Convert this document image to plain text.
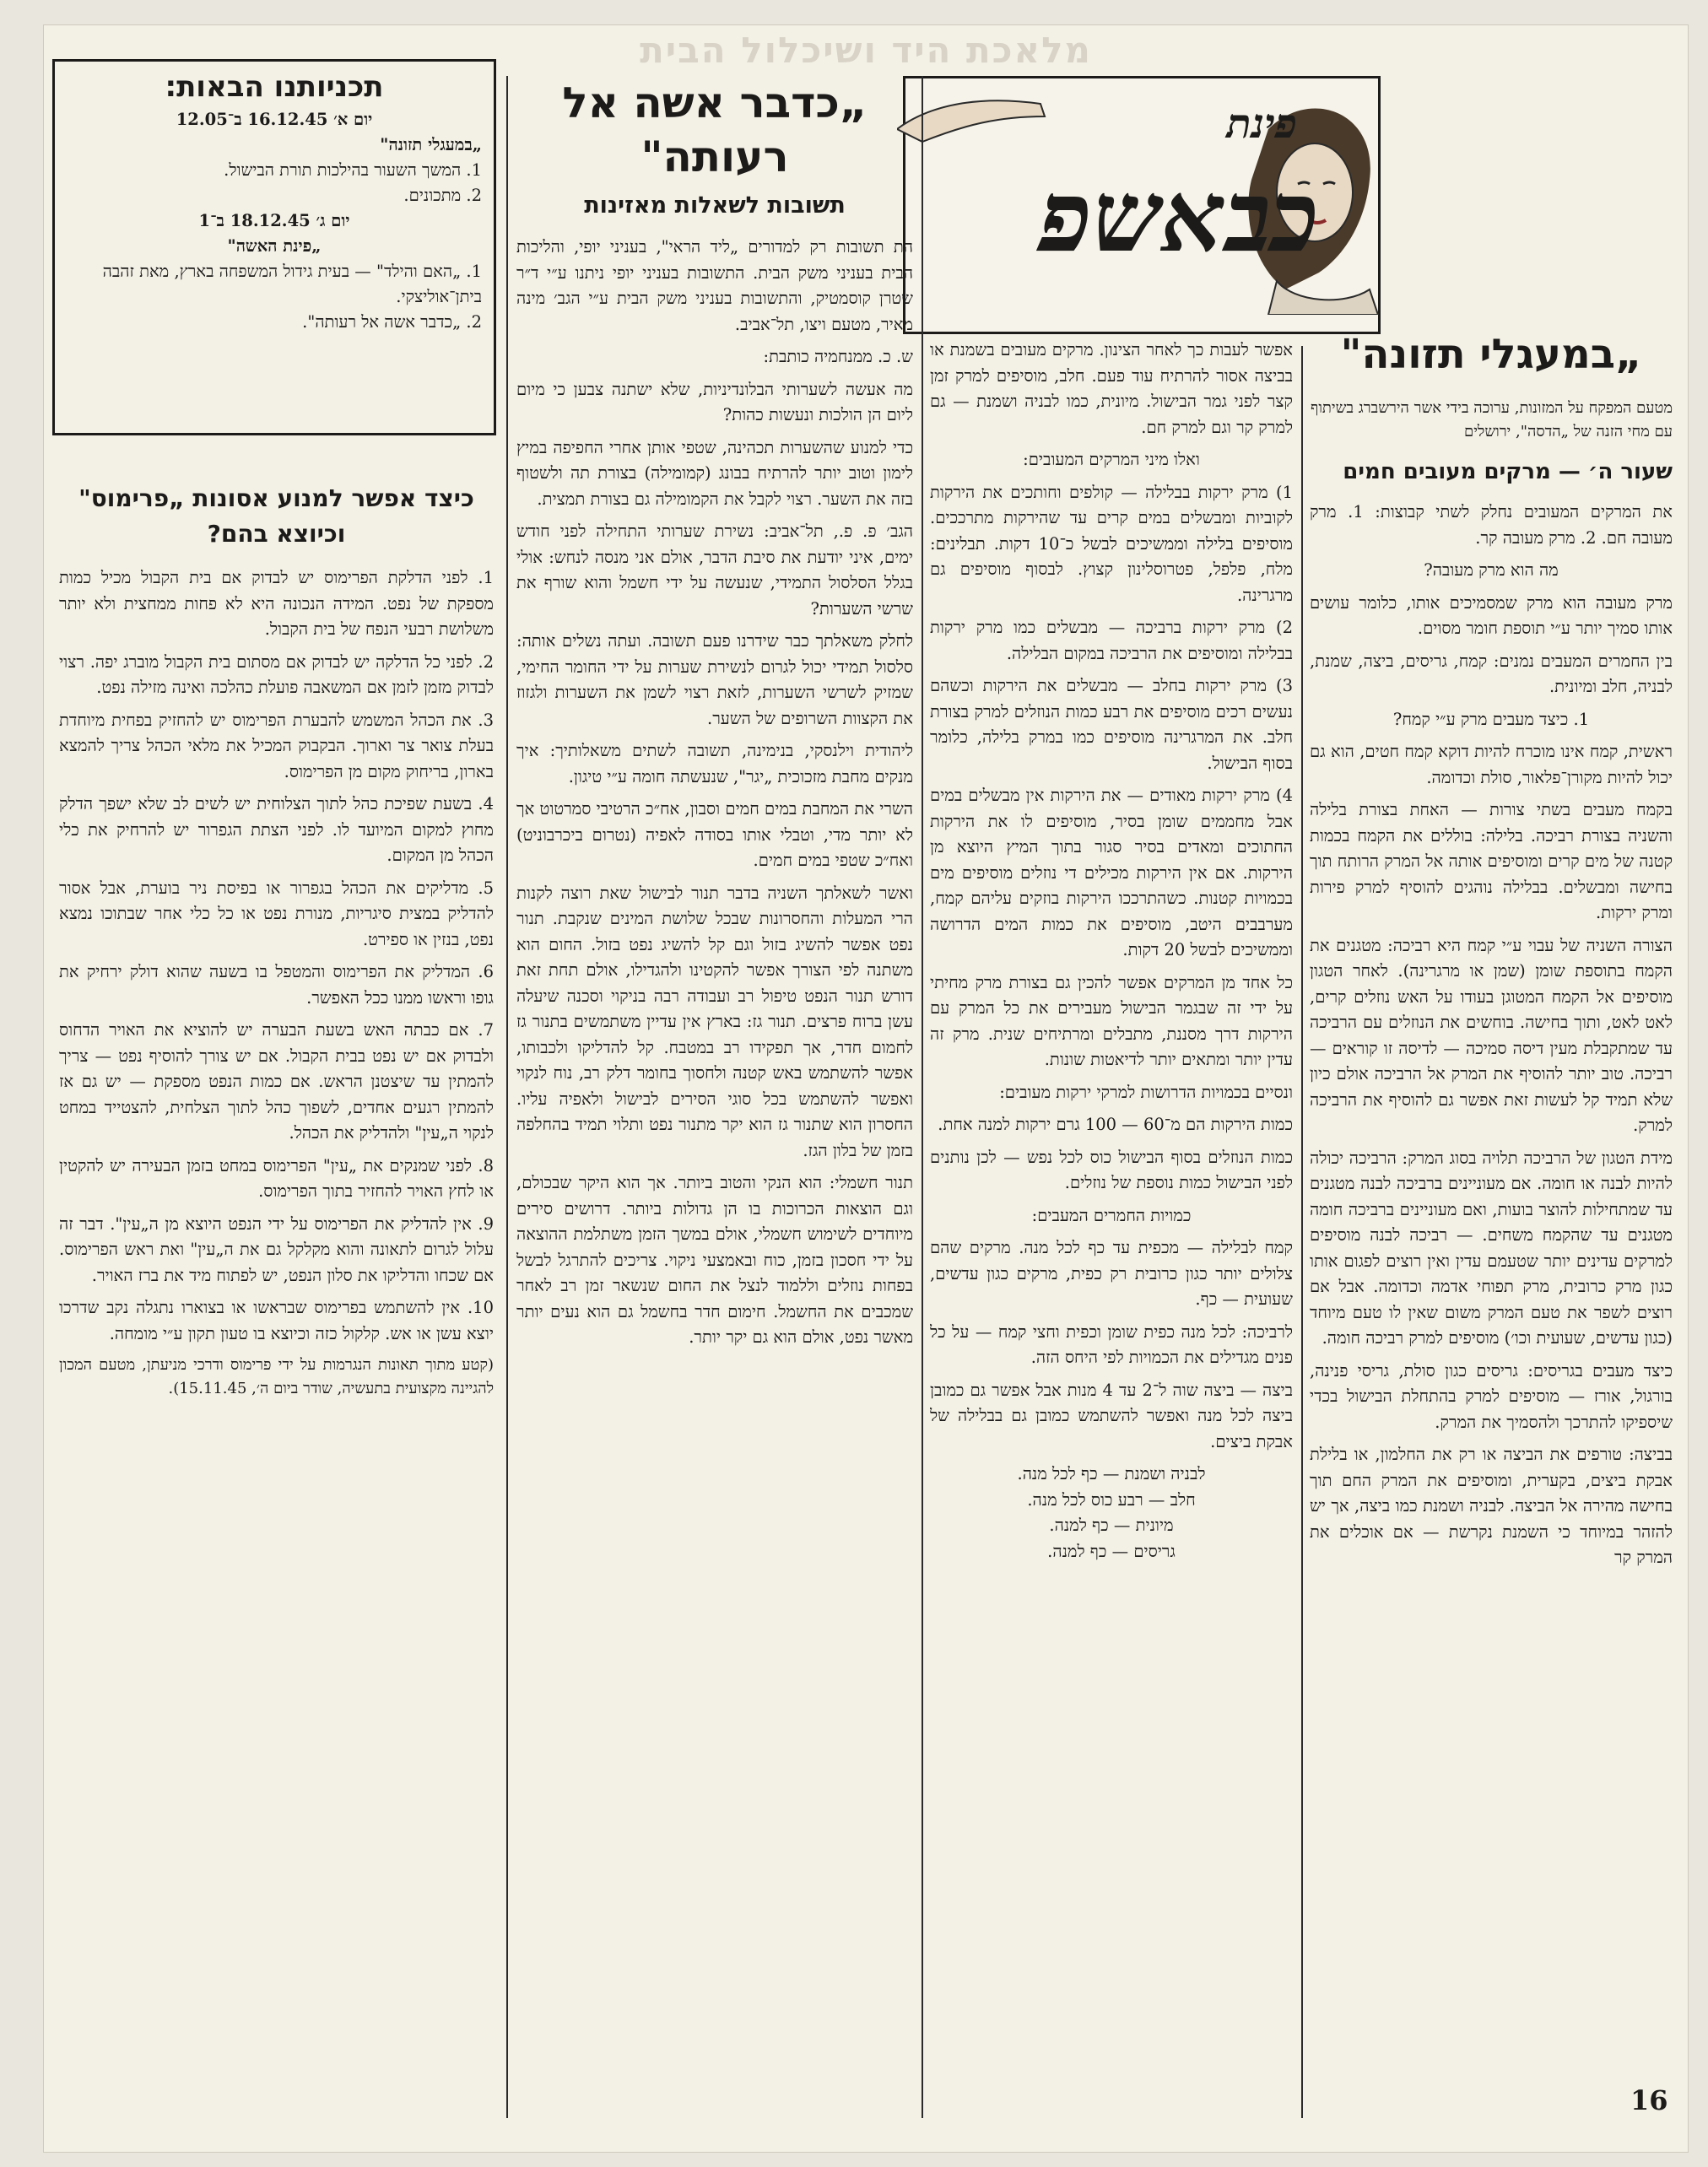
מלאכת היד ושיכלול הבית
פינת
כבאשפ
„במעגלי תזונה"

מטעם המפקח על המזונות, ערוכה בידי אשר הירשברג בשיתוף עם מחי הזנה של „הדסה", ירושלים

שעור ה׳ — מרקים מעובים חמים

את המרקים המעובים נחלק לשתי קבוצות: 1. מרק מעובה חם. 2. מרק מעובה קר.

מה הוא מרק מעובה?

מרק מעובה הוא מרק שמסמיכים אותו, כלומר עושים אותו סמיך יותר ע״י תוספת חומר מסוים.

בין החמרים המעבים נמנים: קמח, גריסים, ביצה, שמנת, לבניה, חלב ומיונית.

1. כיצד מעבים מרק ע״י קמח?

ראשית, קמח אינו מוכרח להיות דוקא קמח חטים, הוא גם יכול להיות מקורן־פלאור, סולת וכדומה.

בקמח מעבים בשתי צורות — האחת בצורת בלילה והשניה בצורת רביכה. בלילה: בוללים את הקמח בכמות קטנה של מים קרים ומוסיפים אותה אל המרק הרותח תוך בחישה ומבשלים. בבלילה נוהגים להוסיף למרק פירות ומרק ירקות.

הצורה השניה של עבוי ע״י קמח היא רביכה: מטגנים את הקמח בתוספת שומן (שמן או מרגרינה). לאחר הטגון מוסיפים אל הקמח המטוגן בעודו על האש נוזלים קרים, לאט לאט, ותוך בחישה. בוחשים את הנוזלים עם הרביכה עד שמתקבלת מעין דיסה סמיכה — לדיסה זו קוראים — רביכה. טוב יותר להוסיף את המרק אל הרביכה אולם כיון שלא תמיד קל לעשות זאת אפשר גם להוסיף את הרביכה למרק.

מידת הטגון של הרביכה תלויה בסוג המרק: הרביכה יכולה להיות לבנה או חומה. אם מעוניינים ברביכה לבנה מטגנים עד שמתחילות להוצר בועות, ואם מעוניינים ברביכה חומה מטגנים עד שהקמח משחים. — רביכה לבנה מוסיפים למרקים עדינים יותר שטעמם עדין ואין רוצים לפגום אותו כגון מרק כרובית, מרק תפוחי אדמה וכדומה. אבל אם רוצים לשפר את טעם המרק משום שאין לו טעם מיוחד (כגון עדשים, שעועית וכו׳) מוסיפים למרק רביכה חומה.

כיצד מעבים בגריסים: גריסים כגון סולת, גריסי פנינה, בורגול, אורז — מוסיפים למרק בהתחלת הבישול בכדי שיספיקו להתרכך ולהסמיך את המרק.

בביצה: טורפים את הביצה או רק את החלמון, או בלילת אבקת ביצים, בקערית, ומוסיפים את המרק החם תוך בחישה מהירה אל הביצה. לבניה ושמנת כמו ביצה, אך יש להזהר במיוחד כי השמנת נקרשת — אם אוכלים את המרק קר

16

אפשר לעבות כך לאחר הצינון. מרקים מעובים בשמנת או בביצה אסור להרתיח עוד פעם. חלב, מוסיפים למרק זמן קצר לפני גמר הבישול. מיונית, כמו לבניה ושמנת — גם למרק קר וגם למרק חם.

ואלו מיני המרקים המעובים:

1) מרק ירקות בבלילה — קולפים וחותכים את הירקות לקוביות ומבשלים במים קרים עד שהירקות מתרככים. מוסיפים בלילה וממשיכים לבשל כ־10 דקות. תבלינים: מלח, פלפל, פטרוסלינון קצוץ. לבסוף מוסיפים גם מרגרינה.

2) מרק ירקות ברביכה — מבשלים כמו מרק ירקות בבלילה ומוסיפים את הרביכה במקום הבלילה.

3) מרק ירקות בחלב — מבשלים את הירקות וכשהם נעשים רכים מוסיפים את רבע כמות הנוזלים למרק בצורת חלב. את המרגרינה מוסיפים כמו במרק בלילה, כלומר בסוף הבישול.

4) מרק ירקות מאודים — את הירקות אין מבשלים במים אבל מחממים שומן בסיר, מוסיפים לו את הירקות החתוכים ומאדים בסיר סגור בתוך המיץ היוצא מן הירקות. אם אין הירקות מכילים די נוזלים מוסיפים מים בכמויות קטנות. כשהתרככו הירקות בוזקים עליהם קמח, מערבבים היטב, מוסיפים את כמות המים הדרושה וממשיכים לבשל 20 דקות.

כל אחד מן המרקים אפשר להכין גם בצורת מרק מחיתי על ידי זה שבגמר הבישול מעבירים את כל המרק עם הירקות דרך מסננת, מתבלים ומרתיחים שנית. מרק זה עדין יותר ומתאים יותר לדיאטות שונות.

ונסיים בכמויות הדרושות למרקי ירקות מעובים:

כמות הירקות הם מ־60 — 100 גרם ירקות למנה אחת.

כמות הנוזלים בסוף הבישול כוס לכל נפש — לכן נותנים לפני הבישול כמות נוספת של נוזלים.

כמויות החמרים המעבים:

קמח לבלילה — מכפית עד כף לכל מנה. מרקים שהם צלולים יותר כגון כרובית רק כפית, מרקים כגון עדשים, שעועית — כף.

לרביכה: לכל מנה כפית שומן וכפית וחצי קמח — על כל פנים מגדילים את הכמויות לפי היחס הזה.

ביצה — ביצה שוה ל־2 עד 4 מנות אבל אפשר גם כמובן ביצה לכל מנה ואפשר להשתמש כמובן גם בבלילה של אבקת ביצים.

לבניה ושמנת — כף לכל מנה.

חלב — רבע כוס לכל מנה.

מיונית — כף למנה.

גריסים — כף למנה.

„כדבר אשה אל רעותה"
תשובות לשאלות מאזינות

הת תשובות רק למדורים „ליד הראי", בעניני יופי, והליכות הבית בעניני משק הבית. התשובות בעניני יופי ניתנו ע״י ד״ר שטרן קוסמטיק, והתשובות בעניני משק הבית ע״י הגב׳ מינה מאיר, מטעם ויצו, תל־אביב.

ש. כ. ממנחמיה כותבת:

מה אעשה לשערותי הבלונדיניות, שלא ישתנה צבען כי מיום ליום הן הולכות ונעשות כהות?

כדי למנוע שהשערות תכהינה, שטפי אותן אחרי החפיפה במיץ לימון וטוב יותר להרתיח בבונג (קמומילה) בצורת תה ולשטוף בזה את השער. רצוי לקבל את הקמומילה גם בצורת תמצית.

הגב׳ פ. פ., תל־אביב: נשירת שערותי התחילה לפני חודש ימים, איני יודעת את סיבת הדבר, אולם אני מנסה לנחש: אולי בגלל הסלסול התמידי, שנעשה על ידי חשמל והוא שורף את שרשי השערות?

לחלק משאלתך כבר שידרנו פעם תשובה. ועתה נשלים אותה: סלסול תמידי יכול לגרום לנשירת שערות על ידי החומר החימי, שמזיק לשרשי השערות, לזאת רצוי לשמן את השערות ולגזוז את הקצוות השרופים של השער.

ליהודית וילנסקי, בנימינה, תשובה לשתים משאלותיך: איך מנקים מחבת מזכוכית „יגר", שנעשתה חומה ע״י טיגון.

השרי את המחבת במים חמים וסבון, אח״כ הרטיבי סמרטוט אך לא יותר מדי, וטבלי אותו בסודה לאפיה (נטרום ביכרבוניט) ואח״כ שטפי במים חמים.

ואשר לשאלתך השניה בדבר תנור לבישול שאת רוצה לקנות הרי המעלות והחסרונות שבכל שלושת המינים שנקבת. תנור נפט אפשר להשיג בזול וגם קל להשיג נפט בזול. החום הוא משתנה לפי הצורך אפשר להקטינו ולהגדילו, אולם תחת זאת דורש תנור הנפט טיפול רב ועבודה רבה בניקוי וסכנה שיעלה עשן ברוח פרצים. תנור גז: בארץ אין עדיין משתמשים בתנור גז לחמום חדר, אך תפקידו רב במטבח. קל להדליקו ולכבותו, אפשר להשתמש באש קטנה ולחסוך בחומר דלק רב, נוח לנקוי ואפשר להשתמש בכל סוגי הסירים לבישול ולאפיה עליו. החסרון הוא שתנור גז הוא יקר מתנור נפט ותלוי תמיד בהחלפה בזמן של בלון הגז.

תנור חשמלי: הוא הנקי והטוב ביותר. אך הוא היקר שבכולם, וגם הוצאות הכרוכות בו הן גדולות ביותר. דרושים סירים מיוחדים לשימוש חשמלי, אולם במשך הזמן משתלמת ההוצאה על ידי חסכון בזמן, כוח ובאמצעי ניקוי. צריכים להתרגל לבשל בפחות נוזלים וללמוד לנצל את החום שנשאר זמן רב לאחר שמכבים את החשמל. חימום חדר בחשמל גם הוא נעים יותר מאשר נפט, אולם הוא גם יקר יותר.

תכניותנו הבאות:
יום א׳ 16.12.45 ב־12.05
„במעגלי תזונה"
1. המשך השעור בהילכות תורת הבישול.
2. מתכונים.
יום ג׳ 18.12.45 ב־1
„פינת האשה"
1. „האם והילד" — בעית גידול המשפחה בארץ, מאת זהבה ביתן־אוליצקי.
2. „כדבר אשה אל רעותה".
כיצד אפשר למנוע אסונות „פרימוס" וכיוצא בהם?

1. לפני הדלקת הפרימוס יש לבדוק אם בית הקבול מכיל כמות מספקת של נפט. המידה הנכונה היא לא פחות ממחצית ולא יותר משלושת רבעי הנפח של בית הקבול.

2. לפני כל הדלקה יש לבדוק אם מסתום בית הקבול מוברג יפה. רצוי לבדוק מזמן לזמן אם המשאבה פועלת כהלכה ואינה מזילה נפט.

3. את הכהל המשמש להבערת הפרימוס יש להחזיק בפחית מיוחדת בעלת צואר צר וארוך. הבקבוק המכיל את מלאי הכהל צריך להמצא בארון, בריחוק מקום מן הפרימוס.

4. בשעת שפיכת כהל לתוך הצלוחית יש לשים לב שלא ישפך הדלק מחוץ למקום המיועד לו. לפני הצתת הגפרור יש להרחיק את כלי הכהל מן המקום.

5. מדליקים את הכהל בגפרור או בפיסת ניר בוערת, אבל אסור להדליק במצית סיגריות, מנורת נפט או כל כלי אחר שבתוכו נמצא נפט, בנזין או ספירט.

6. המדליק את הפרימוס והמטפל בו בשעה שהוא דולק ירחיק את גופו וראשו ממנו ככל האפשר.

7. אם כבתה האש בשעת הבערה יש להוציא את האויר הדחוס ולבדוק אם יש נפט בבית הקבול. אם יש צורך להוסיף נפט — צריך להמתין עד שיצטנן הראש. אם כמות הנפט מספקת — יש גם אז להמתין רגעים אחדים, לשפוך כהל לתוך הצלחית, להצטייד במחט לנקוי ה„עין" ולהדליק את הכהל.

8. לפני שמנקים את „עין" הפרימוס במחט בזמן הבעירה יש להקטין או לחץ האויר להחזיר בתוך הפרימוס.

9. אין להדליק את הפרימוס על ידי הנפט היוצא מן ה„עין". דבר זה עלול לגרום לתאונה והוא מקלקל גם את ה„עין" ואת ראש הפרימוס. אם שכחו והדליקו את סלון הנפט, יש לפתוח מיד את ברז האויר.

10. אין להשתמש בפרימוס שבראשו או בצוארו נתגלה נקב שדרכו יוצא עשן או אש. קלקול כזה וכיוצא בו טעון תקון ע״י מומחה.

(קטע מתוך תאונות הנגרמות על ידי פרימוס ודרכי מניעתן, מטעם המכון להגיינה מקצועית בתעשיה, שודר ביום ה׳, 15.11.45).
